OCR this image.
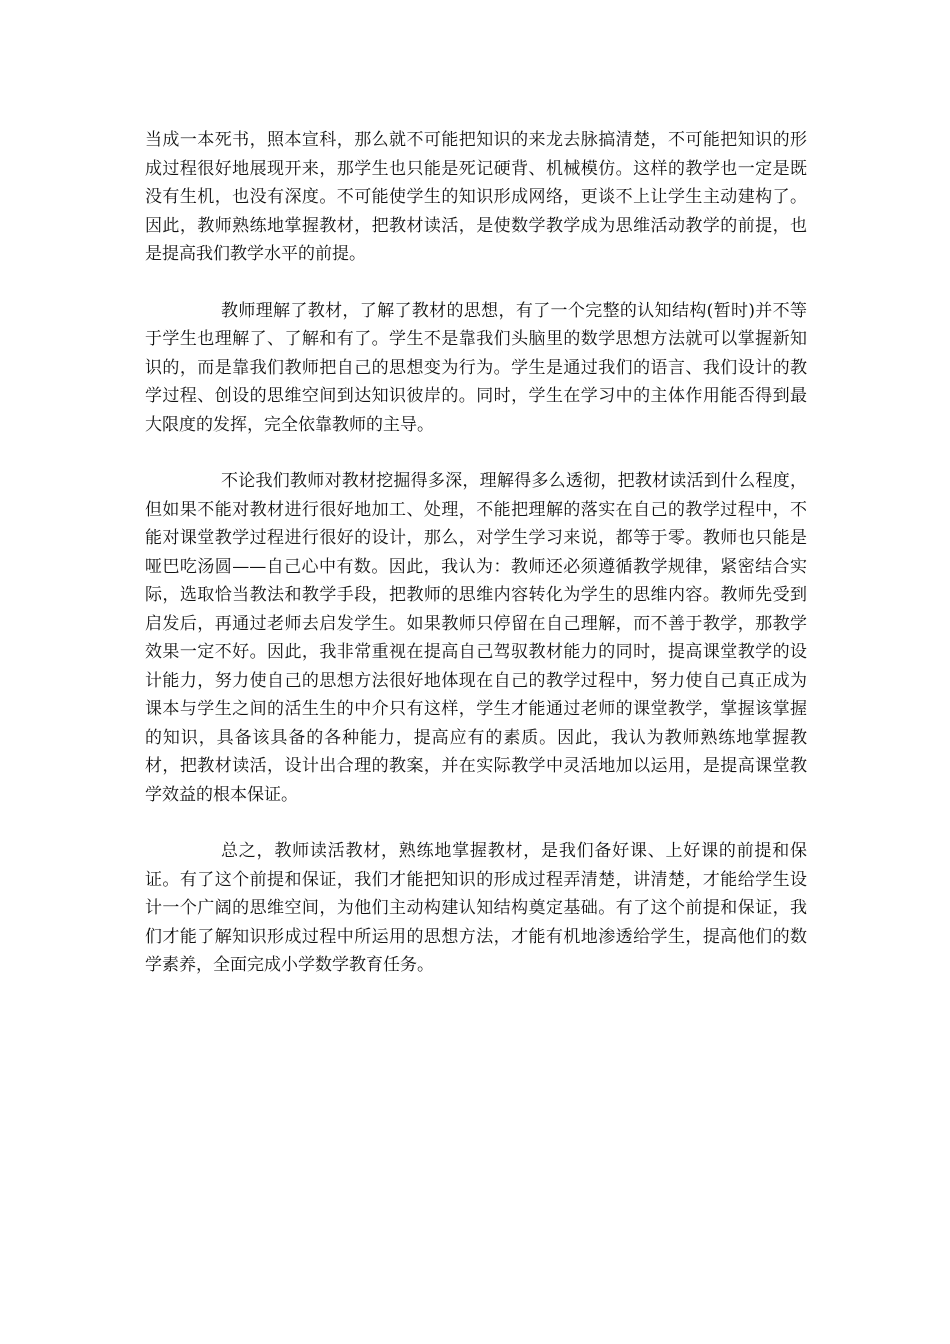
当成一本死书，照本宣科，那么就不可能把知识的来龙去脉搞清楚，不可能把知识的形成过程很好地展现开来，那学生也只能是死记硬背、机械模仿。这样的教学也一定是既没有生机，也没有深度。不可能使学生的知识形成网络，更谈不上让学生主动建构了。因此，教师熟练地掌握教材，把教材读活，是使数学教学成为思维活动教学的前提，也是提高我们教学水平的前提。

教师理解了教材，了解了教材的思想，有了一个完整的认知结构(暂时)并不等于学生也理解了、了解和有了。学生不是靠我们头脑里的数学思想方法就可以掌握新知识的，而是靠我们教师把自己的思想变为行为。学生是通过我们的语言、我们设计的教学过程、创设的思维空间到达知识彼岸的。同时，学生在学习中的主体作用能否得到最大限度的发挥，完全依靠教师的主导。

不论我们教师对教材挖掘得多深，理解得多么透彻，把教材读活到什么程度，但如果不能对教材进行很好地加工、处理，不能把理解的落实在自己的教学过程中，不能对课堂教学过程进行很好的设计，那么，对学生学习来说，都等于零。教师也只能是哑巴吃汤圆——自己心中有数。因此，我认为：教师还必须遵循教学规律，紧密结合实际，选取恰当教法和教学手段，把教师的思维内容转化为学生的思维内容。教师先受到启发后，再通过老师去启发学生。如果教师只停留在自己理解，而不善于教学，那教学效果一定不好。因此，我非常重视在提高自己驾驭教材能力的同时，提高课堂教学的设计能力，努力使自己的思想方法很好地体现在自己的教学过程中，努力使自己真正成为课本与学生之间的活生生的中介只有这样，学生才能通过老师的课堂教学，掌握该掌握的知识，具备该具备的各种能力，提高应有的素质。因此，我认为教师熟练地掌握教材，把教材读活，设计出合理的教案，并在实际教学中灵活地加以运用，是提高课堂教学效益的根本保证。

总之，教师读活教材，熟练地掌握教材，是我们备好课、上好课的前提和保证。有了这个前提和保证，我们才能把知识的形成过程弄清楚，讲清楚，才能给学生设计一个广阔的思维空间，为他们主动构建认知结构奠定基础。有了这个前提和保证，我们才能了解知识形成过程中所运用的思想方法，才能有机地渗透给学生，提高他们的数学素养，全面完成小学数学教育任务。
